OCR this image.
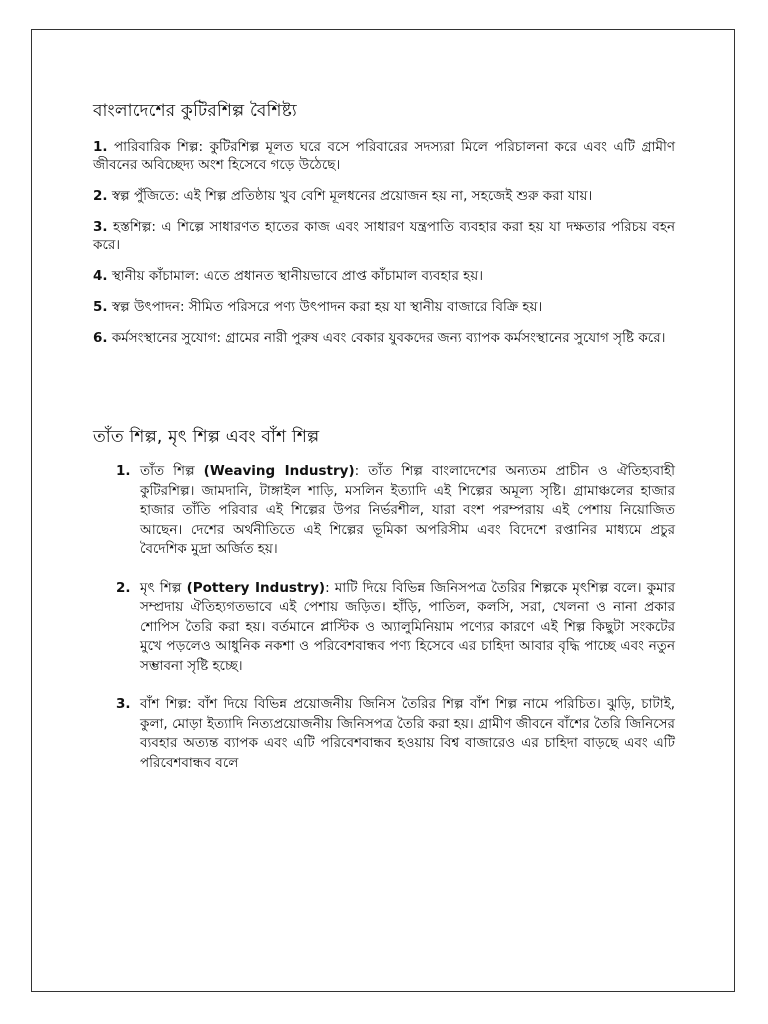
বাংলাদেশের কুটিরশিল্প বৈশিষ্ট্য

1. পারিবারিক শিল্প: কুটিরশিল্প মূলত ঘরে বসে পরিবারের সদস্যরা মিলে পরিচালনা করে এবং এটি গ্রামীণ জীবনের অবিচ্ছেদ্য অংশ হিসেবে গড়ে উঠেছে।

2. স্বল্প পুঁজিতে: এই শিল্প প্রতিষ্ঠায় খুব বেশি মূলধনের প্রয়োজন হয় না, সহজেই শুরু করা যায়।

3. হস্তশিল্প: এ শিল্পে সাধারণত হাতের কাজ এবং সাধারণ যন্ত্রপাতি ব্যবহার করা হয় যা দক্ষতার পরিচয় বহন করে।

4. স্থানীয় কাঁচামাল: এতে প্রধানত স্থানীয়ভাবে প্রাপ্ত কাঁচামাল ব্যবহার হয়।

5. স্বল্প উৎপাদন: সীমিত পরিসরে পণ্য উৎপাদন করা হয় যা স্থানীয় বাজারে বিক্রি হয়।

6. কর্মসংস্থানের সুযোগ: গ্রামের নারী পুরুষ এবং বেকার যুবকদের জন্য ব্যাপক কর্মসংস্থানের সুযোগ সৃষ্টি করে।

তাঁত শিল্প, মৃৎ শিল্প এবং বাঁশ শিল্প
1. তাঁত শিল্প (Weaving Industry): তাঁত শিল্প বাংলাদেশের অন্যতম প্রাচীন ও ঐতিহ্যবাহী কুটিরশিল্প। জামদানি, টাঙ্গাইল শাড়ি, মসলিন ইত্যাদি এই শিল্পের অমূল্য সৃষ্টি। গ্রামাঞ্চলের হাজার হাজার তাঁতি পরিবার এই শিল্পের উপর নির্ভরশীল, যারা বংশ পরম্পরায় এই পেশায় নিয়োজিত আছেন। দেশের অর্থনীতিতে এই শিল্পের ভূমিকা অপরিসীম এবং বিদেশে রপ্তানির মাধ্যমে প্রচুর বৈদেশিক মুদ্রা অর্জিত হয়।
2. মৃৎ শিল্প (Pottery Industry): মাটি দিয়ে বিভিন্ন জিনিসপত্র তৈরির শিল্পকে মৃৎশিল্প বলে। কুমার সম্প্রদায় ঐতিহ্যগতভাবে এই পেশায় জড়িত। হাঁড়ি, পাতিল, কলসি, সরা, খেলনা ও নানা প্রকার শোপিস তৈরি করা হয়। বর্তমানে প্লাস্টিক ও অ্যালুমিনিয়াম পণ্যের কারণে এই শিল্প কিছুটা সংকটের মুখে পড়লেও আধুনিক নকশা ও পরিবেশবান্ধব পণ্য হিসেবে এর চাহিদা আবার বৃদ্ধি পাচ্ছে এবং নতুন সম্ভাবনা সৃষ্টি হচ্ছে।
3. বাঁশ শিল্প: বাঁশ দিয়ে বিভিন্ন প্রয়োজনীয় জিনিস তৈরির শিল্প বাঁশ শিল্প নামে পরিচিত। ঝুড়ি, চাটাই, কুলা, মোড়া ইত্যাদি নিত্যপ্রয়োজনীয় জিনিসপত্র তৈরি করা হয়। গ্রামীণ জীবনে বাঁশের তৈরি জিনিসের ব্যবহার অত্যন্ত ব্যাপক এবং এটি পরিবেশবান্ধব হওয়ায় বিশ্ব বাজারেও এর চাহিদা বাড়ছে এবং এটি পরিবেশবান্ধব বলে
